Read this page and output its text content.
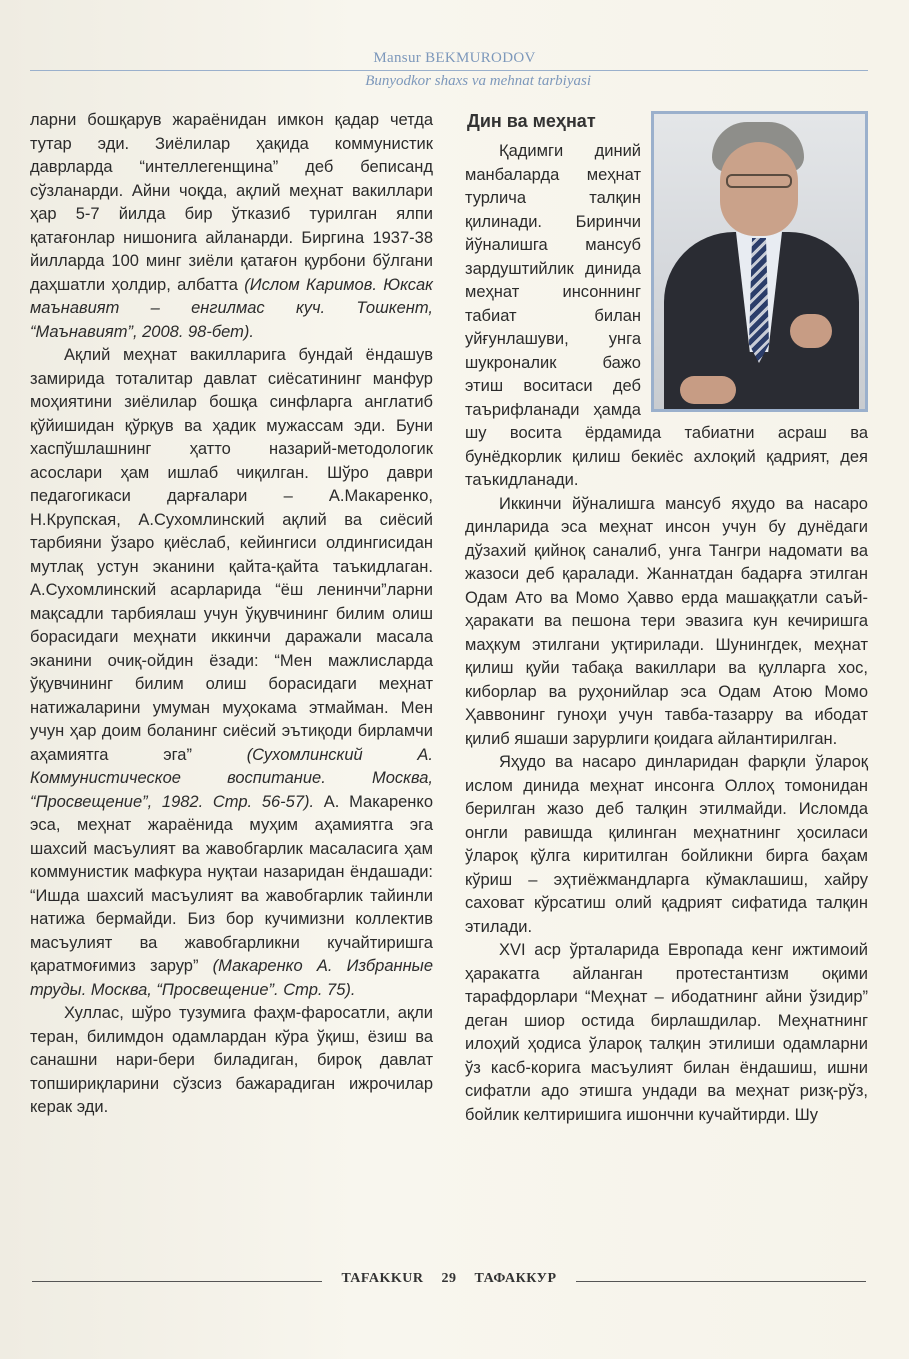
Mansur BEKMURODOV
Bunyodkor shaxs va mehnat tarbiyasi

ларни бошқарув жараёнидан имкон қадар четда тутар эди. Зиёлилар ҳақида коммунистик даврларда “интеллегенщина” деб беписанд сўзланарди. Айни чоқда, ақлий меҳнат вакиллари ҳар 5-7 йилда бир ўтказиб турилган ялпи қатағонлар нишонига айланарди. Биргина 1937-38 йилларда 100 минг зиёли қатағон қурбони бўлгани даҳшатли ҳолдир, албатта (Ислом Каримов. Юксак маънавият – енгилмас куч. Тошкент, “Маънавият”, 2008. 98-бет).

Ақлий меҳнат вакилларига бундай ёндашув замирида тоталитар давлат сиёсатининг манфур моҳиятини зиёлилар бошқа синфларга англатиб қўйишидан қўрқув ва ҳадик мужассам эди. Буни хаспўшлашнинг ҳатто назарий-методологик асослари ҳам ишлаб чиқилган. Шўро даври педагогикаси дарғалари – А.Макаренко, Н.Крупская, А.Сухомлинский ақлий ва сиёсий тарбияни ўзаро қиёслаб, кейингиси олдингисидан мутлақ устун эканини қайта-қайта таъкидлаган. А.Сухомлинский асарларида “ёш ленинчи”ларни мақсадли тарбиялаш учун ўқувчининг билим олиш борасидаги меҳнати иккинчи даражали масала эканини очиқ-ойдин ёзади: “Мен мажлисларда ўқувчининг билим олиш борасидаги меҳнат натижаларини умуман муҳокама этмайман. Мен учун ҳар доим боланинг сиёсий эътиқоди бирламчи аҳамиятга эга” (Сухомлинский А. Коммунистическое воспитание. Москва, “Просвещение”, 1982. Стр. 56-57). А. Макаренко эса, меҳнат жараёнида муҳим аҳамиятга эга шахсий масъулият ва жавобгарлик масаласига ҳам коммунистик мафкура нуқтаи назаридан ёндашади: “Ишда шахсий масъулият ва жавобгарлик тайинли натижа бермайди. Биз бор кучимизни коллектив масъулият ва жавобгарликни кучайтиришга қаратмоғимиз зарур” (Макаренко А. Избранные труды. Москва, “Просвещение”. Стр. 75).

Хуллас, шўро тузумига фаҳм-фаросатли, ақли теран, билимдон одамлардан кўра ўқиш, ёзиш ва санашни нари-бери биладиган, бироқ давлат топшириқларини сўзсиз бажарадиган ижрочилар керак эди.

Дин ва меҳнат

Қадимги диний манбаларда меҳнат турлича талқин қилинади. Биринчи йўналишга мансуб зардуштийлик динида меҳнат инсоннинг табиат билан уйғунлашуви, унга шукроналик бажо этиш воситаси деб таърифланади ҳамда шу восита ёрдамида табиатни асраш ва бунёдкорлик қилиш бекиёс ахлоқий қадрият, дея таъкидланади.

Иккинчи йўналишга мансуб яҳудо ва насаро динларида эса меҳнат инсон учун бу дунёдаги дўзахий қийноқ саналиб, унга Тангри надомати ва жазоси деб қаралади. Жаннатдан бадарға этилган Одам Ато ва Момо Ҳавво ерда машаққатли саъй-ҳаракати ва пешона тери эвазига кун кечиришга маҳкум этилгани уқтирилади. Шунингдек, меҳнат қилиш қуйи табақа вакиллари ва қулларга хос, киборлар ва руҳонийлар эса Одам Атою Момо Ҳаввонинг гуноҳи учун тавба-тазарру ва ибодат қилиб яшаши зарурлиги қоидага айлантирилган.

Яҳудо ва насаро динларидан фарқли ўлароқ ислом динида меҳнат инсонга Оллоҳ томонидан берилган жазо деб талқин этилмайди. Исломда онгли равишда қилинган меҳнатнинг ҳосиласи ўлароқ қўлга киритилган бойликни бирга баҳам кўриш – эҳтиёжмандларга кўмаклашиш, хайру саховат кўрсатиш олий қадрият сифатида талқин этилади.

XVI аср ўрталарида Европада кенг ижтимоий ҳаракатга айланган протестантизм оқими тарафдорлари “Меҳнат – ибодатнинг айни ўзидир” деган шиор остида бирлашдилар. Меҳнатнинг илоҳий ҳодиса ўлароқ талқин этилиши одамларни ўз касб-корига масъулият билан ёндашиш, ишни сифатли адо этишга ундади ва меҳнат ризқ-рўз, бойлик келтиришига ишончни кучайтирди. Шу

TAFAKKUR 29 ТАФАККУР
